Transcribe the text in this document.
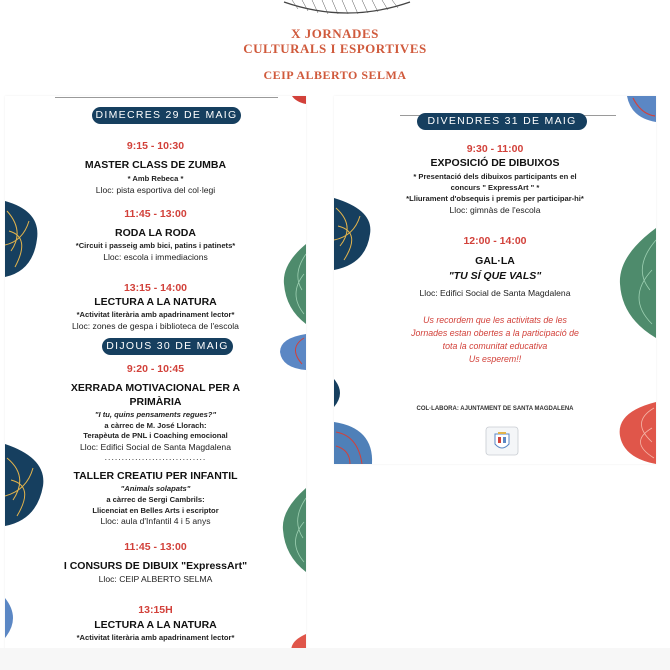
X JORNADES
CULTURALS I ESPORTIVES
CEIP ALBERTO SELMA
DIMECRES 29 DE MAIG
9:15 - 10:30
MASTER CLASS DE ZUMBA
* Amb Rebeca *
Lloc: pista esportiva del col·legi
11:45 - 13:00
RODA LA RODA
*Circuit i passeig amb bici, patins i patinets*
Lloc: escola i immediacions
13:15 - 14:00
LECTURA A LA NATURA
*Activitat literària amb apadrinament lector*
Lloc: zones de gespa i biblioteca de l'escola
DIJOUS 30 DE MAIG
9:20 - 10:45
XERRADA MOTIVACIONAL PER A
PRIMÀRIA
"I tu, quins pensaments regues?"
a càrrec de M. José Llorach:
Terapèuta de PNL i Coaching emocional
Lloc: Edifici Social de Santa Magdalena
..............................
TALLER CREATIU PER INFANTIL
"Animals solapats"
a càrrec de Sergi Cambrils:
Llicenciat en Belles Arts i escriptor
Lloc: aula d'Infantil 4 i 5 anys
11:45 - 13:00
I CONSURS DE DIBUIX "ExpressArt"
Lloc: CEIP ALBERTO SELMA
13:15H
LECTURA A LA NATURA
*Activitat literària amb apadrinament lector*
DIVENDRES 31 DE MAIG
9:30 - 11:00
EXPOSICIÓ DE DIBUIXOS
* Presentació dels dibuixos participants en el
concurs " ExpressArt " *
*Lliurament d'obsequis i premis per participar-hi*
Lloc: gimnàs de l'escola
12:00 - 14:00
GAL·LA
"TU SÍ QUE VALS"
Lloc: Edifici Social de Santa Magdalena
Us recordem que les activitats de les
Jornades estan obertes a la participació de
tota la comunitat educativa
Us esperem!!
COL·LABORA: AJUNTAMENT DE SANTA MAGDALENA
